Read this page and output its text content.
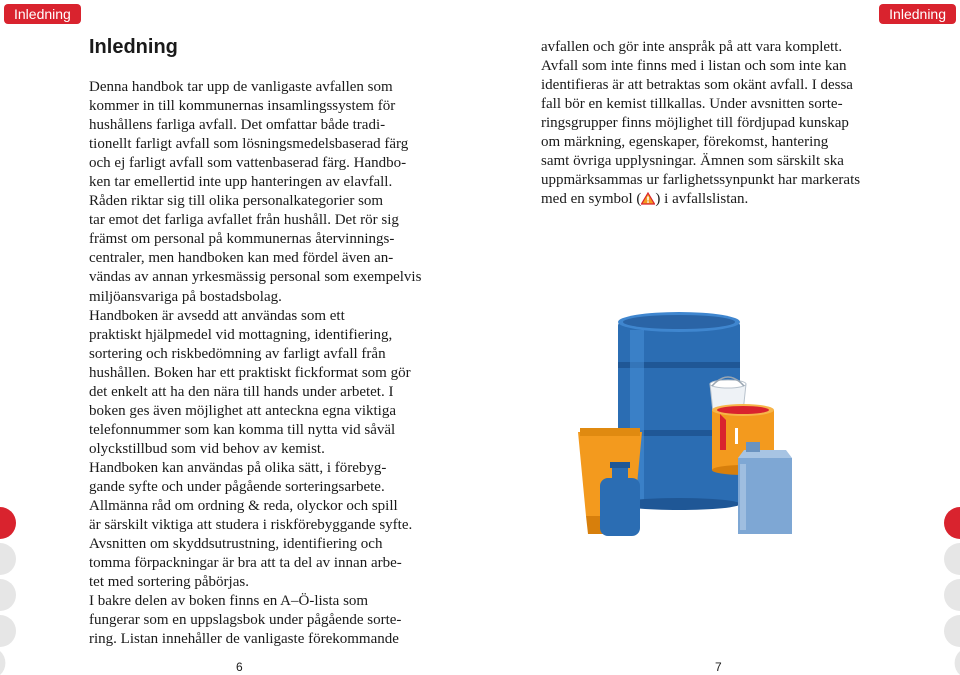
Inledning	Inledning
Inledning
Denna handbok tar upp de vanligaste avfallen som
kommer in till kommunernas insamlingssystem för
hushållens farliga avfall. Det omfattar både tradi-
tionellt farligt avfall som lösningsmedelsbaserad färg
och ej farligt avfall som vattenbaserad färg. Handbo-
ken tar emellertid inte upp hanteringen av elavfall.
Råden riktar sig till olika personalkategorier som
tar emot det farliga avfallet från hushåll. Det rör sig
främst om personal på kommunernas återvinnings-
centraler, men handboken kan med fördel även an-
vändas av annan yrkesmässig personal som exempelvis
miljöansvariga på bostadsbolag.
Handboken är avsedd att användas som ett
praktiskt hjälpmedel vid mottagning, identifiering,
sortering och riskbedömning av farligt avfall från
hushållen. Boken har ett praktiskt fickformat som gör
det enkelt att ha den nära till hands under arbetet. I
boken ges även möjlighet att anteckna egna viktiga
telefonnummer som kan komma till nytta vid såväl
olyckstillbud som vid behov av kemist.
Handboken kan användas på olika sätt, i förebyg-
gande syfte och under pågående sorteringsarbete.
Allmänna råd om ordning & reda, olyckor och spill
är särskilt viktiga att studera i riskförebyggande syfte.
Avsnitten om skyddsutrustning, identifiering och
tomma förpackningar är bra att ta del av innan arbe-
tet med sortering påbörjas.
I bakre delen av boken finns en A–Ö-lista som
fungerar som en uppslagsbok under pågående sorte-
ring. Listan innehåller de vanligaste förekommande
avfallen och gör inte anspråk på att vara komplett.
Avfall som inte finns med i listan och som inte kan
identifieras är att betraktas som okänt avfall. I dessa
fall bör en kemist tillkallas. Under avsnitten sorte-
ringsgrupper finns möjlighet till fördjupad kunskap
om märkning, egenskaper, förekomst, hantering
samt övriga upplysningar. Ämnen som särskilt ska
uppmärksammas ur farlighetssynpunkt har markerats
med en symbol ( ) i avfallslistan.
6	7
